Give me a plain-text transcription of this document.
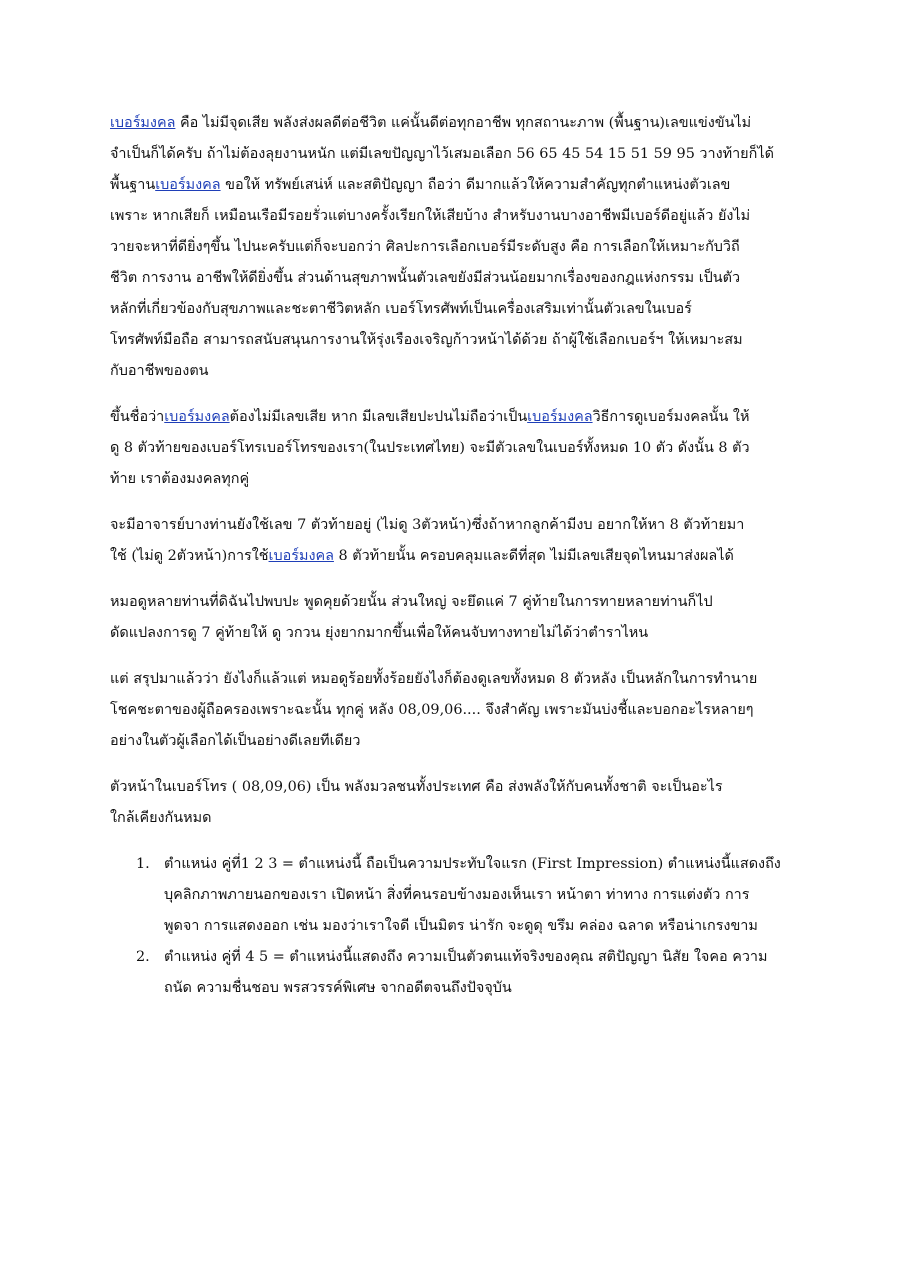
เบอร์มงคล คือ ไม่มีจุดเสีย พลังส่งผลดีต่อชีวิต แค่นั้นดีต่อทุกอาชีพ ทุกสถานะภาพ (พื้นฐาน)เลขแข่งขันไม่
จำเป็นก็ได้ครับ ถ้าไม่ต้องลุยงานหนัก แต่มีเลขปัญญาไว้เสมอเลือก 56 65 45 54 15 51 59 95 วางท้ายก็ได้
พื้นฐานเบอร์มงคล ขอให้ ทรัพย์เสน่ห์ และสติปัญญา ถือว่า ดีมากแล้วให้ความสำคัญทุกตำแหน่งตัวเลข
เพราะ หากเสียก็ เหมือนเรือมีรอยรั่วแต่บางครั้งเรียกให้เสียบ้าง สำหรับงานบางอาชีพมีเบอร์ดีอยู่แล้ว ยังไม่
วายจะหาที่ดียิ่งๆขึ้น ไปนะครับแต่ก็จะบอกว่า ศิลปะการเลือกเบอร์มีระดับสูง คือ การเลือกให้เหมาะกับวิถี
ชีวิต การงาน อาชีพให้ดียิ่งขึ้น ส่วนด้านสุขภาพนั้นตัวเลขยังมีส่วนน้อยมากเรื่องของกฎแห่งกรรม เป็นตัว
หลักที่เกี่ยวข้องกับสุขภาพและชะตาชีวิตหลัก เบอร์โทรศัพท์เป็นเครื่องเสริมเท่านั้นตัวเลขในเบอร์
โทรศัพท์มือถือ สามารถสนับสนุนการงานให้รุ่งเรืองเจริญก้าวหน้าได้ด้วย ถ้าผู้ใช้เลือกเบอร์ฯ ให้เหมาะสม
กับอาชีพของตน
ขึ้นชื่อว่าเบอร์มงคลต้องไม่มีเลขเสีย หาก มีเลขเสียปะปนไม่ถือว่าเป็นเบอร์มงคลวิธีการดูเบอร์มงคลนั้น ให้
ดู 8 ตัวท้ายของเบอร์โทรเบอร์โทรของเรา(ในประเทศไทย) จะมีตัวเลขในเบอร์ทั้งหมด 10 ตัว ดังนั้น 8 ตัว
ท้าย เราต้องมงคลทุกคู่
จะมีอาจารย์บางท่านยังใช้เลข 7 ตัวท้ายอยู่ (ไม่ดู 3ตัวหน้า)ซึ่งถ้าหากลูกค้ามีงบ อยากให้หา 8 ตัวท้ายมา
ใช้ (ไม่ดู 2ตัวหน้า)การใช้เบอร์มงคล 8 ตัวท้ายนั้น ครอบคลุมและดีที่สุด ไม่มีเลขเสียจุดไหนมาส่งผลได้
หมอดูหลายท่านที่ดิฉันไปพบปะ พูดคุยด้วยนั้น ส่วนใหญ่ จะยึดแค่ 7 คู่ท้ายในการทายหลายท่านก็ไป
ดัดแปลงการดู 7 คู่ท้ายให้ ดู วกวน ยุ่งยากมากขึ้นเพื่อให้คนจับทางทายไม่ได้ว่าตำราไหน
แต่ สรุปมาแล้วว่า ยังไงก็แล้วแต่ หมอดูร้อยทั้งร้อยยังไงก็ต้องดูเลขทั้งหมด 8 ตัวหลัง เป็นหลักในการทำนาย
โชคชะตาของผู้ถือครองเพราะฉะนั้น ทุกคู่ หลัง 08,09,06.... จึงสำคัญ เพราะมันบ่งชี้และบอกอะไรหลายๆ
อย่างในตัวผู้เลือกได้เป็นอย่างดีเลยทีเดียว
ตัวหน้าในเบอร์โทร ( 08,09,06) เป็น พลังมวลชนทั้งประเทศ คือ ส่งพลังให้กับคนทั้งชาติ จะเป็นอะไร
ใกล้เคียงกันหมด
1. ตำแหน่ง คู่ที่1 2 3 = ตำแหน่งนี้ ถือเป็นความประทับใจแรก (First Impression) ตำแหน่งนี้แสดงถึง
บุคลิกภาพภายนอกของเรา เปิดหน้า สิ่งที่คนรอบข้างมองเห็นเรา หน้าตา ท่าทาง การแต่งตัว การ
พูดจา การแสดงออก เช่น มองว่าเราใจดี เป็นมิตร น่ารัก จะดูดุ ขรึม คล่อง ฉลาด หรือน่าเกรงขาม
2. ตำแหน่ง คู่ที่ 4 5 = ตำแหน่งนี้แสดงถึง ความเป็นตัวตนแท้จริงของคุณ สติปัญญา นิสัย ใจคอ ความ
ถนัด ความชื่นชอบ พรสวรรค์พิเศษ จากอดีตจนถึงปัจจุบัน
